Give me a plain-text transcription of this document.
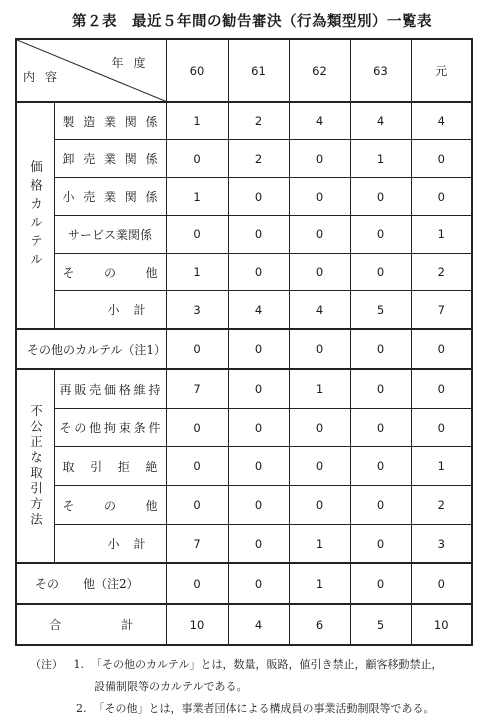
第２表　最近５年間の勧告審決（行為類型別）一覧表
年度
内容		60	61	62	63	元

価格カルテル	製造業関係	1	2	4	4	4
	卸売業関係	0	2	0	1	0
	小売業関係	1	0	0	0	0
	サービス業関係	0	0	0	0	1
	その他	1	0	0	0	2
	小計	3	4	4	5	7
その他のカルテル（注1）		0	0	0	0	0

不公正な取引方法	再販売価格維持	7	0	1	0	0
	その他拘束条件	0	0	0	0	0
	取引拒絶	0	0	0	0	1
	その他	0	0	0	0	2
	小計	7	0	1	0	3
その　　他（注2）		0	0	1	0	0
合　　　　　計		10	4	6	5	10
（注） 1. 「その他のカルテル」とは，数量，販路，値引き禁止，顧客移動禁止，
設備制限等のカルテルである。
2. 「その他」とは，事業者団体による構成員の事業活動制限等である。
